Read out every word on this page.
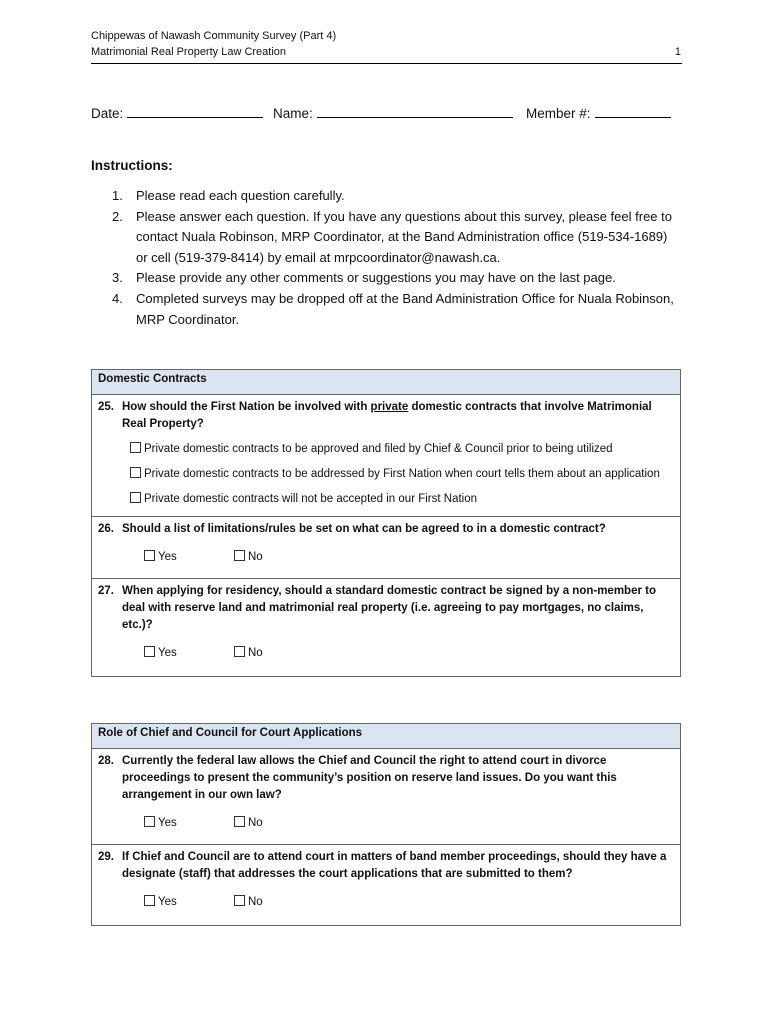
Chippewas of Nawash Community Survey (Part 4)
Matrimonial Real Property Law Creation	1
Date:	Name:	Member #:
Instructions:
1. Please read each question carefully.
2. Please answer each question. If you have any questions about this survey, please feel free to contact Nuala Robinson, MRP Coordinator, at the Band Administration office (519-534-1689) or cell (519-379-8414) by email at mrpcoordinator@nawash.ca.
3. Please provide any other comments or suggestions you may have on the last page.
4. Completed surveys may be dropped off at the Band Administration Office for Nuala Robinson, MRP Coordinator.
Domestic Contracts

25. How should the First Nation be involved with private domestic contracts that involve Matrimonial Real Property?
Private domestic contracts to be approved and filed by Chief & Council prior to being utilized
Private domestic contracts to be addressed by First Nation when court tells them about an application
Private domestic contracts will not be accepted in our First Nation

26. Should a list of limitations/rules be set on what can be agreed to in a domestic contract?
Yes	No

27. When applying for residency, should a standard domestic contract be signed by a non-member to deal with reserve land and matrimonial real property (i.e. agreeing to pay mortgages, no claims, etc.)?
Yes	No
Role of Chief and Council for Court Applications

28. Currently the federal law allows the Chief and Council the right to attend court in divorce proceedings to present the community’s position on reserve land issues. Do you want this arrangement in our own law?
Yes	No

29. If Chief and Council are to attend court in matters of band member proceedings, should they have a designate (staff) that addresses the court applications that are submitted to them?
Yes	No
